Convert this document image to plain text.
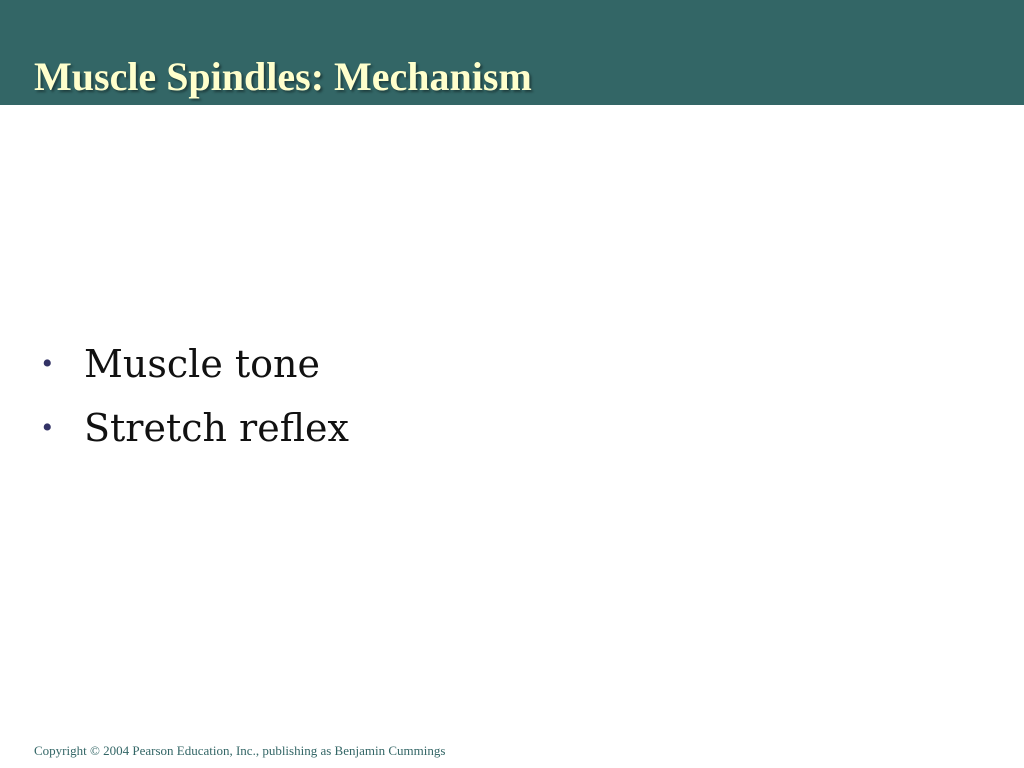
Muscle Spindles: Mechanism
• Muscle tone
• Stretch reflex
Copyright © 2004 Pearson Education, Inc., publishing as Benjamin Cummings
